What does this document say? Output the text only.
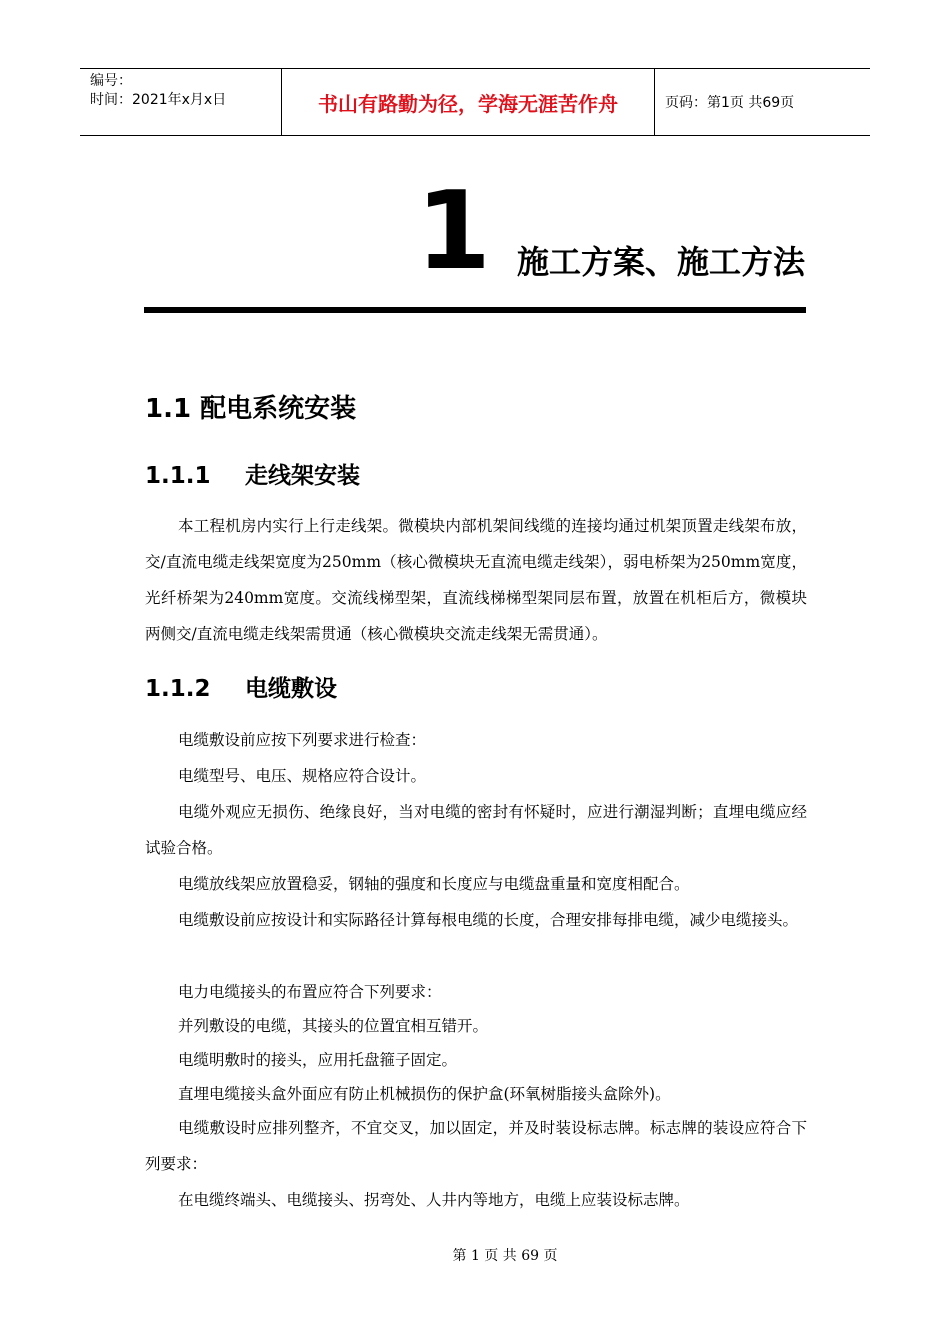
编号：
时间：2021年x月x日	书山有路勤为径，学海无涯苦作舟	页码：第1页 共69页
1 施工方案、施工方法
1.1 配电系统安装
1.1.1 走线架安装
本工程机房内实行上行走线架。微模块内部机架间线缆的连接均通过机架顶置走线架布放，交/直流电缆走线架宽度为250mm（核心微模块无直流电缆走线架），弱电桥架为250mm宽度，光纤桥架为240mm宽度。交流线梯型架，直流线梯梯型架同层布置，放置在机柜后方，微模块两侧交/直流电缆走线架需贯通（核心微模块交流走线架无需贯通）。
1.1.2 电缆敷设
电缆敷设前应按下列要求进行检查：
电缆型号、电压、规格应符合设计。
电缆外观应无损伤、绝缘良好，当对电缆的密封有怀疑时，应进行潮湿判断；直埋电缆应经试验合格。
电缆放线架应放置稳妥，钢轴的强度和长度应与电缆盘重量和宽度相配合。
电缆敷设前应按设计和实际路径计算每根电缆的长度，合理安排每排电缆，减少电缆接头。
电力电缆接头的布置应符合下列要求：
并列敷设的电缆，其接头的位置宜相互错开。
电缆明敷时的接头，应用托盘箍子固定。
直埋电缆接头盒外面应有防止机械损伤的保护盒(环氧树脂接头盒除外)。
电缆敷设时应排列整齐，不宜交叉，加以固定，并及时装设标志牌。标志牌的装设应符合下列要求：
在电缆终端头、电缆接头、拐弯处、人井内等地方，电缆上应装设标志牌。
第 1 页 共 69 页
